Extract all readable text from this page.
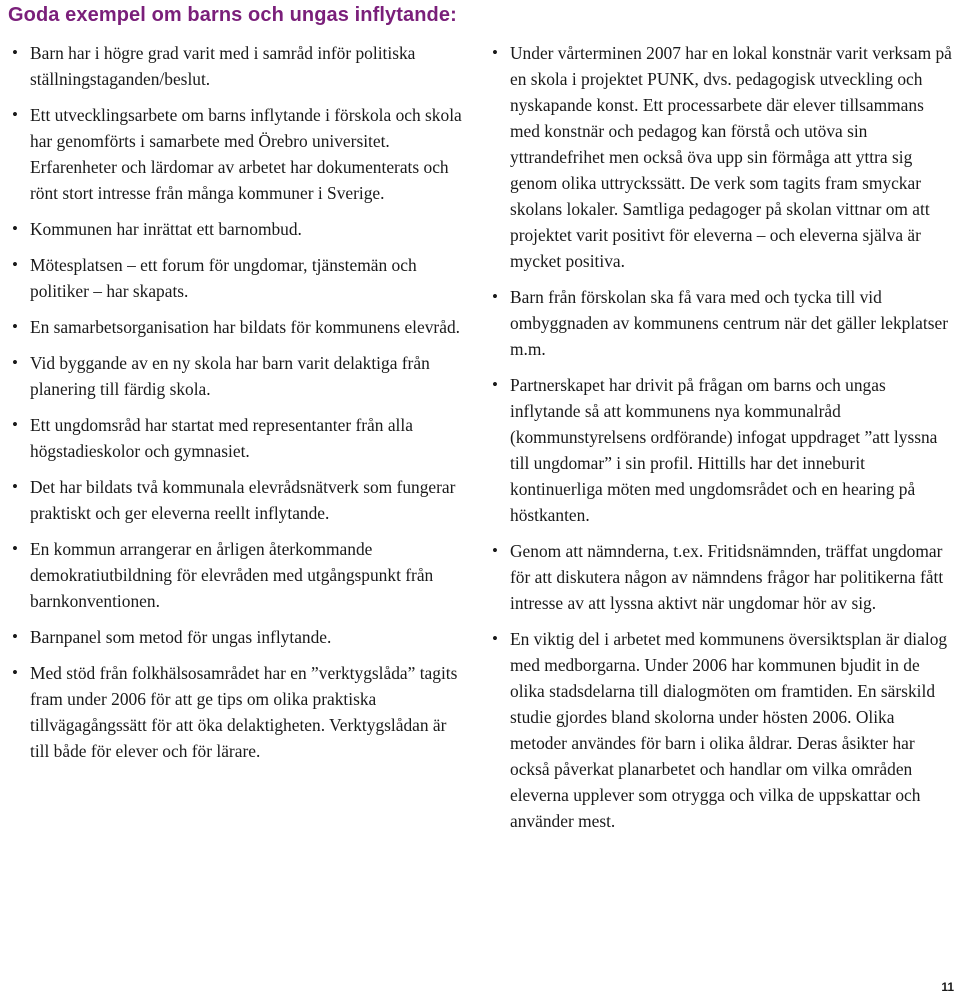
Goda exempel om barns och ungas inflytande:
• Barn har i högre grad varit med i samråd inför politiska ställningstaganden/beslut.
• Ett utvecklingsarbete om barns inflytande i förskola och skola har genomförts i samarbete med Örebro universitet. Erfarenheter och lärdomar av arbetet har dokumenterats och rönt stort intresse från många kommuner i Sverige.
• Kommunen har inrättat ett barnombud.
• Mötesplatsen – ett forum för ungdomar, tjänstemän och politiker – har skapats.
• En samarbetsorganisation har bildats för kommunens elevråd.
• Vid byggande av en ny skola har barn varit delaktiga från planering till färdig skola.
• Ett ungdomsråd har startat med representanter från alla högstadieskolor och gymnasiet.
• Det har bildats två kommunala elevrådsnätverk som fungerar praktiskt och ger eleverna reellt inflytande.
• En kommun arrangerar en årligen återkommande demokratiutbildning för elevråden med utgångspunkt från barnkonventionen.
• Barnpanel som metod för ungas inflytande.
• Med stöd från folkhälsosamrådet har en ”verktygslåda” tagits fram under 2006 för att ge tips om olika praktiska tillvägagångssätt för att öka delaktigheten. Verktygslådan är till både för elever och för lärare.
• Under vårterminen 2007 har en lokal konstnär varit verksam på en skola i projektet PUNK, dvs. pedagogisk utveckling och nyskapande konst. Ett processarbete där elever tillsammans med konstnär och pedagog kan förstå och utöva sin yttrandefrihet men också öva upp sin förmåga att yttra sig genom olika uttryckssätt. De verk som tagits fram smyckar skolans lokaler. Samtliga pedagoger på skolan vittnar om att projektet varit positivt för eleverna – och eleverna själva är mycket positiva.
• Barn från förskolan ska få vara med och tycka till vid ombyggnaden av kommunens centrum när det gäller lekplatser m.m.
• Partnerskapet har drivit på frågan om barns och ungas inflytande så att kommunens nya kommunalråd (kommunstyrelsens ordförande) infogat uppdraget ”att lyssna till ungdomar” i sin profil. Hittills har det inneburit kontinuerliga möten med ungdomsrådet och en hearing på höstkanten.
• Genom att nämnderna, t.ex. Fritidsnämnden, träffat ungdomar för att diskutera någon av nämndens frågor har politikerna fått intresse av att lyssna aktivt när ungdomar hör av sig.
• En viktig del i arbetet med kommunens översiktsplan är dialog med medborgarna. Under 2006 har kommunen bjudit in de olika stadsdelarna till dialogmöten om framtiden. En särskild studie gjordes bland skolorna under hösten 2006. Olika metoder användes för barn i olika åldrar. Deras åsikter har också påverkat planarbetet och handlar om vilka områden eleverna upplever som otrygga och vilka de uppskattar och använder mest.
11
